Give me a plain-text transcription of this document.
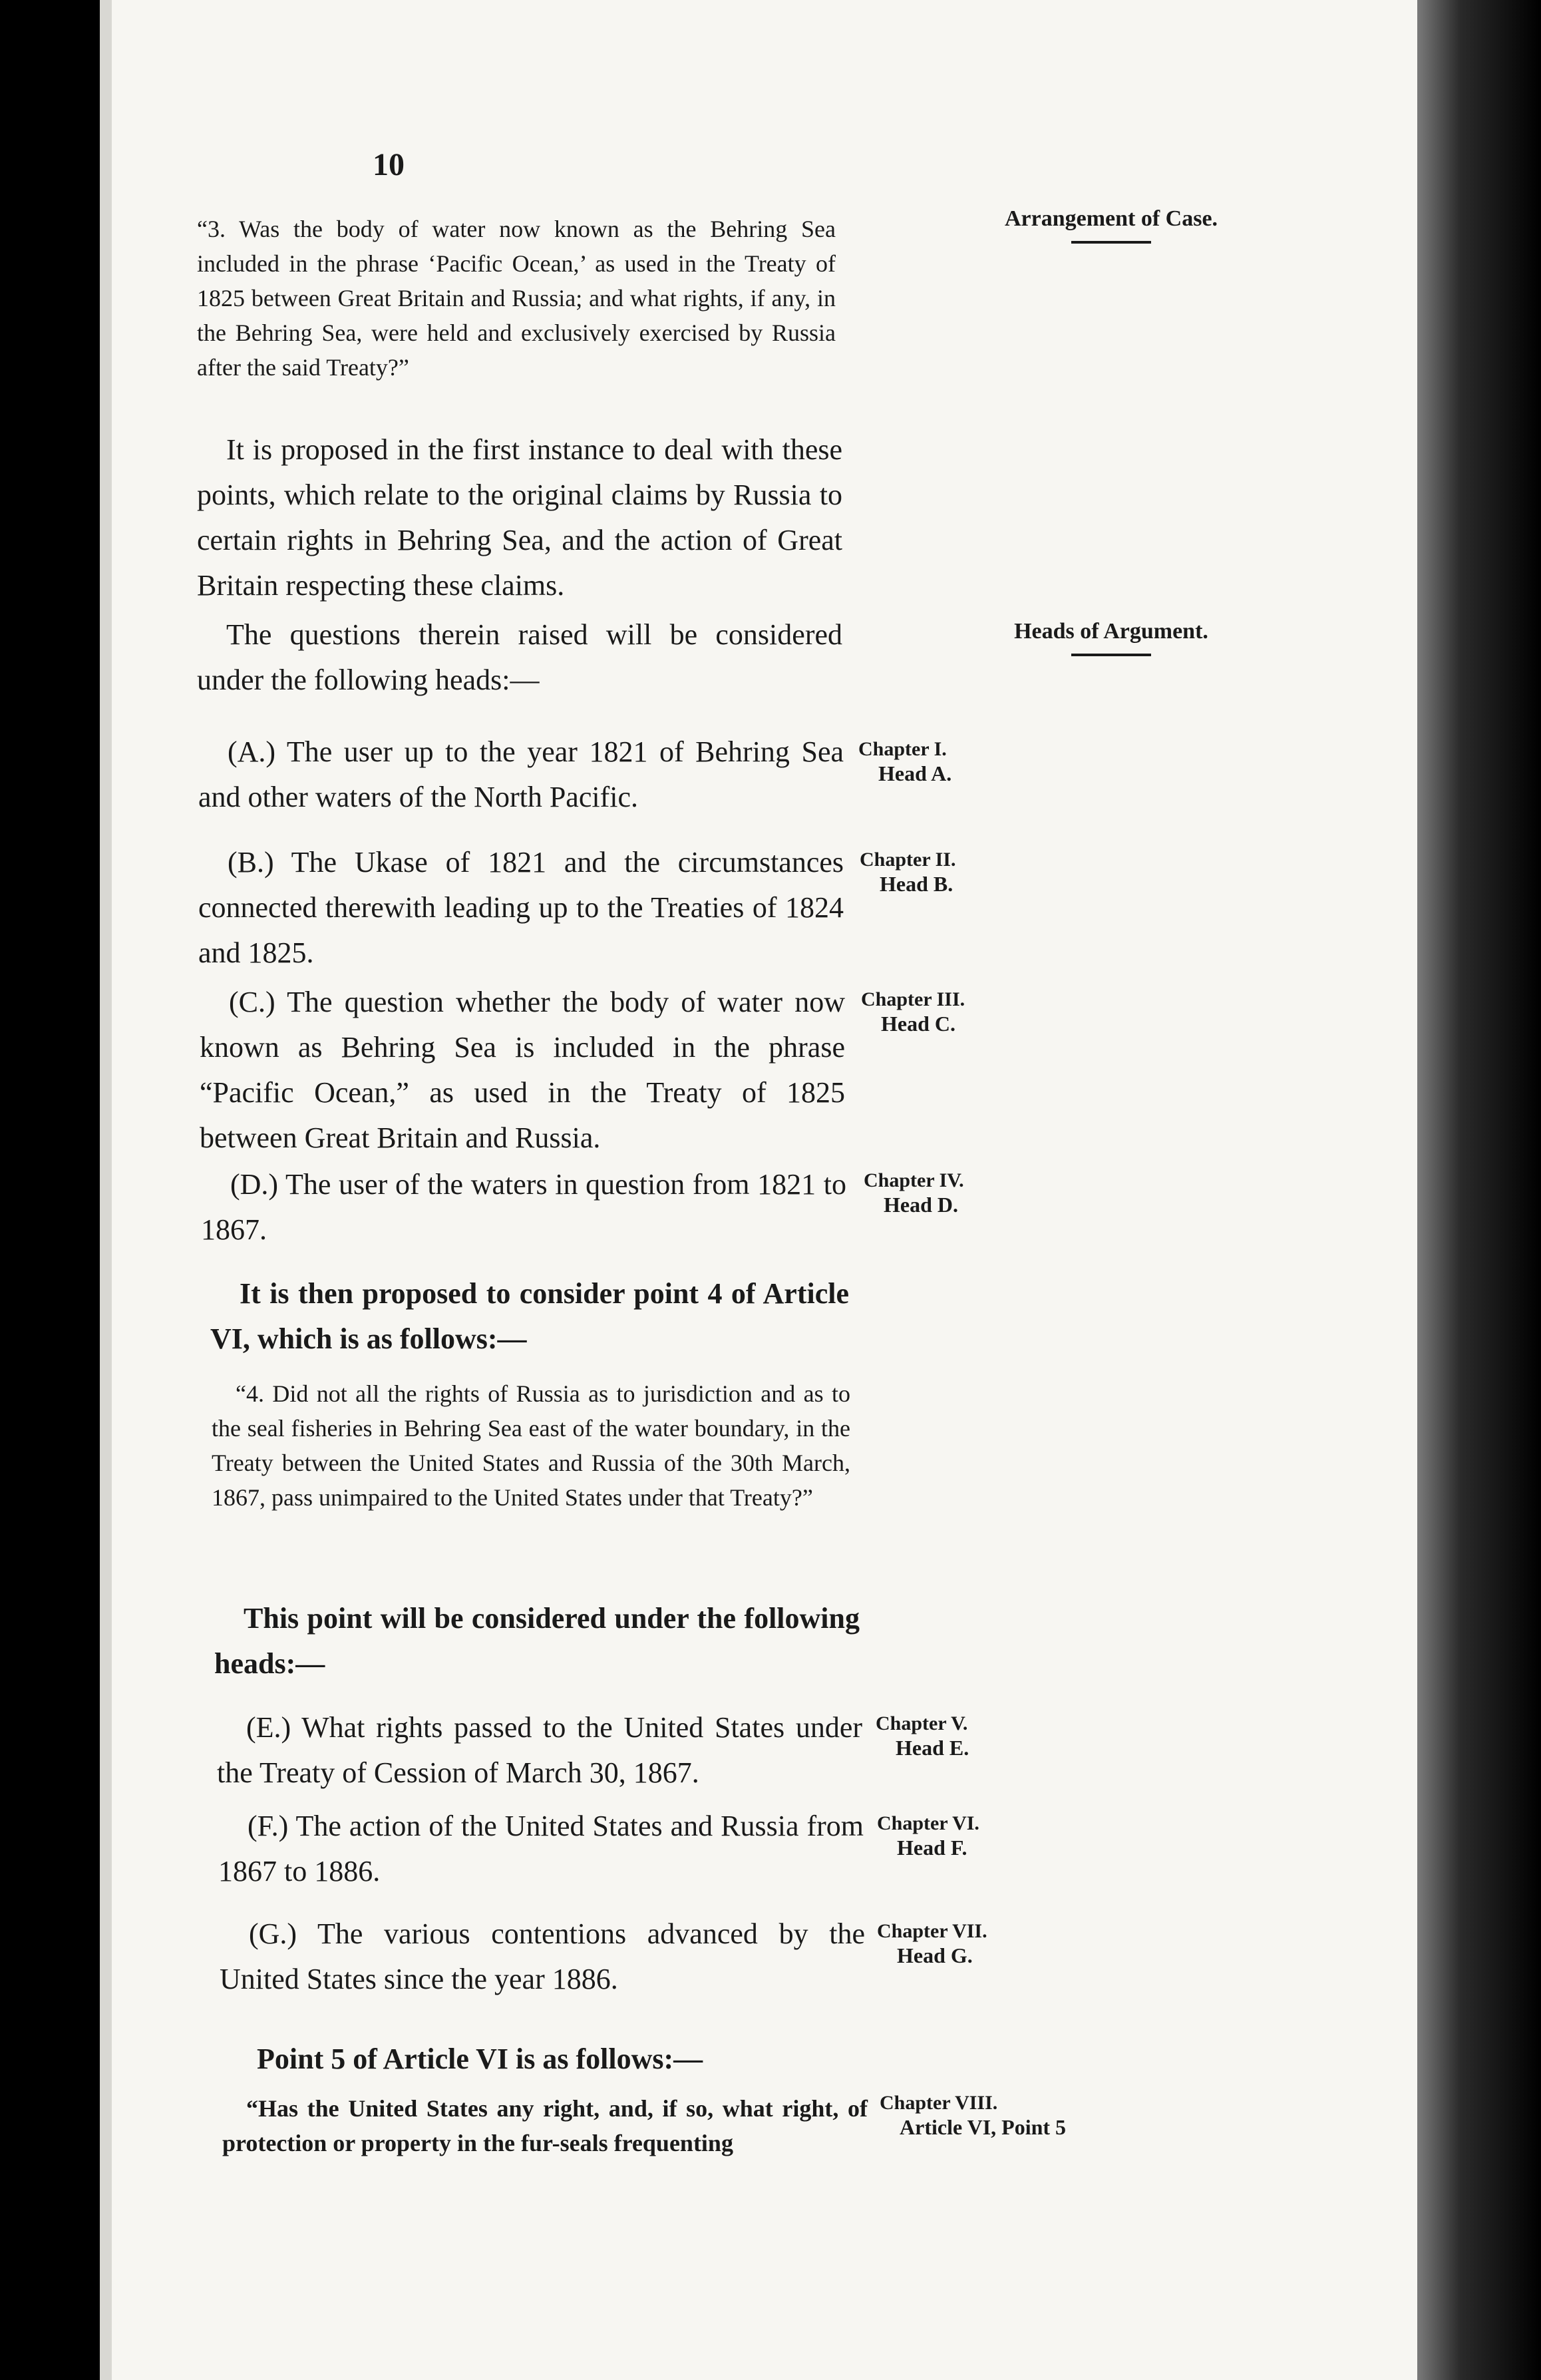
10
“3. Was the body of water now known as the Behring Sea included in the phrase ‘Pacific Ocean,’ as used in the Treaty of 1825 between Great Britain and Russia; and what rights, if any, in the Behring Sea, were held and exclusively exercised by Russia after the said Treaty?”
Arrangement of Case.
It is proposed in the first instance to deal with these points, which relate to the original claims by Russia to certain rights in Behring Sea, and the action of Great Britain respecting these claims.
The questions therein raised will be considered under the following heads:—
Heads of Argument.
(A.) The user up to the year 1821 of Behring Sea and other waters of the North Pacific.
Chapter I.
Head A.
(B.) The Ukase of 1821 and the circumstances connected therewith leading up to the Treaties of 1824 and 1825.
Chapter II.
Head B.
(C.) The question whether the body of water now known as Behring Sea is included in the phrase “Pacific Ocean,” as used in the Treaty of 1825 between Great Britain and Russia.
Chapter III.
Head C.
(D.) The user of the waters in question from 1821 to 1867.
Chapter IV.
Head D.
It is then proposed to consider point 4 of Article VI, which is as follows:—
“4. Did not all the rights of Russia as to jurisdiction and as to the seal fisheries in Behring Sea east of the water boundary, in the Treaty between the United States and Russia of the 30th March, 1867, pass unimpaired to the United States under that Treaty?”
This point will be considered under the following heads:—
(E.) What rights passed to the United States under the Treaty of Cession of March 30, 1867.
Chapter V.
Head E.
(F.) The action of the United States and Russia from 1867 to 1886.
Chapter VI.
Head F.
(G.) The various contentions advanced by the United States since the year 1886.
Chapter VII.
Head G.
Point 5 of Article VI is as follows:—
“Has the United States any right, and, if so, what right, of protection or property in the fur-seals frequenting
Chapter VIII.
Article VI, Point 5
